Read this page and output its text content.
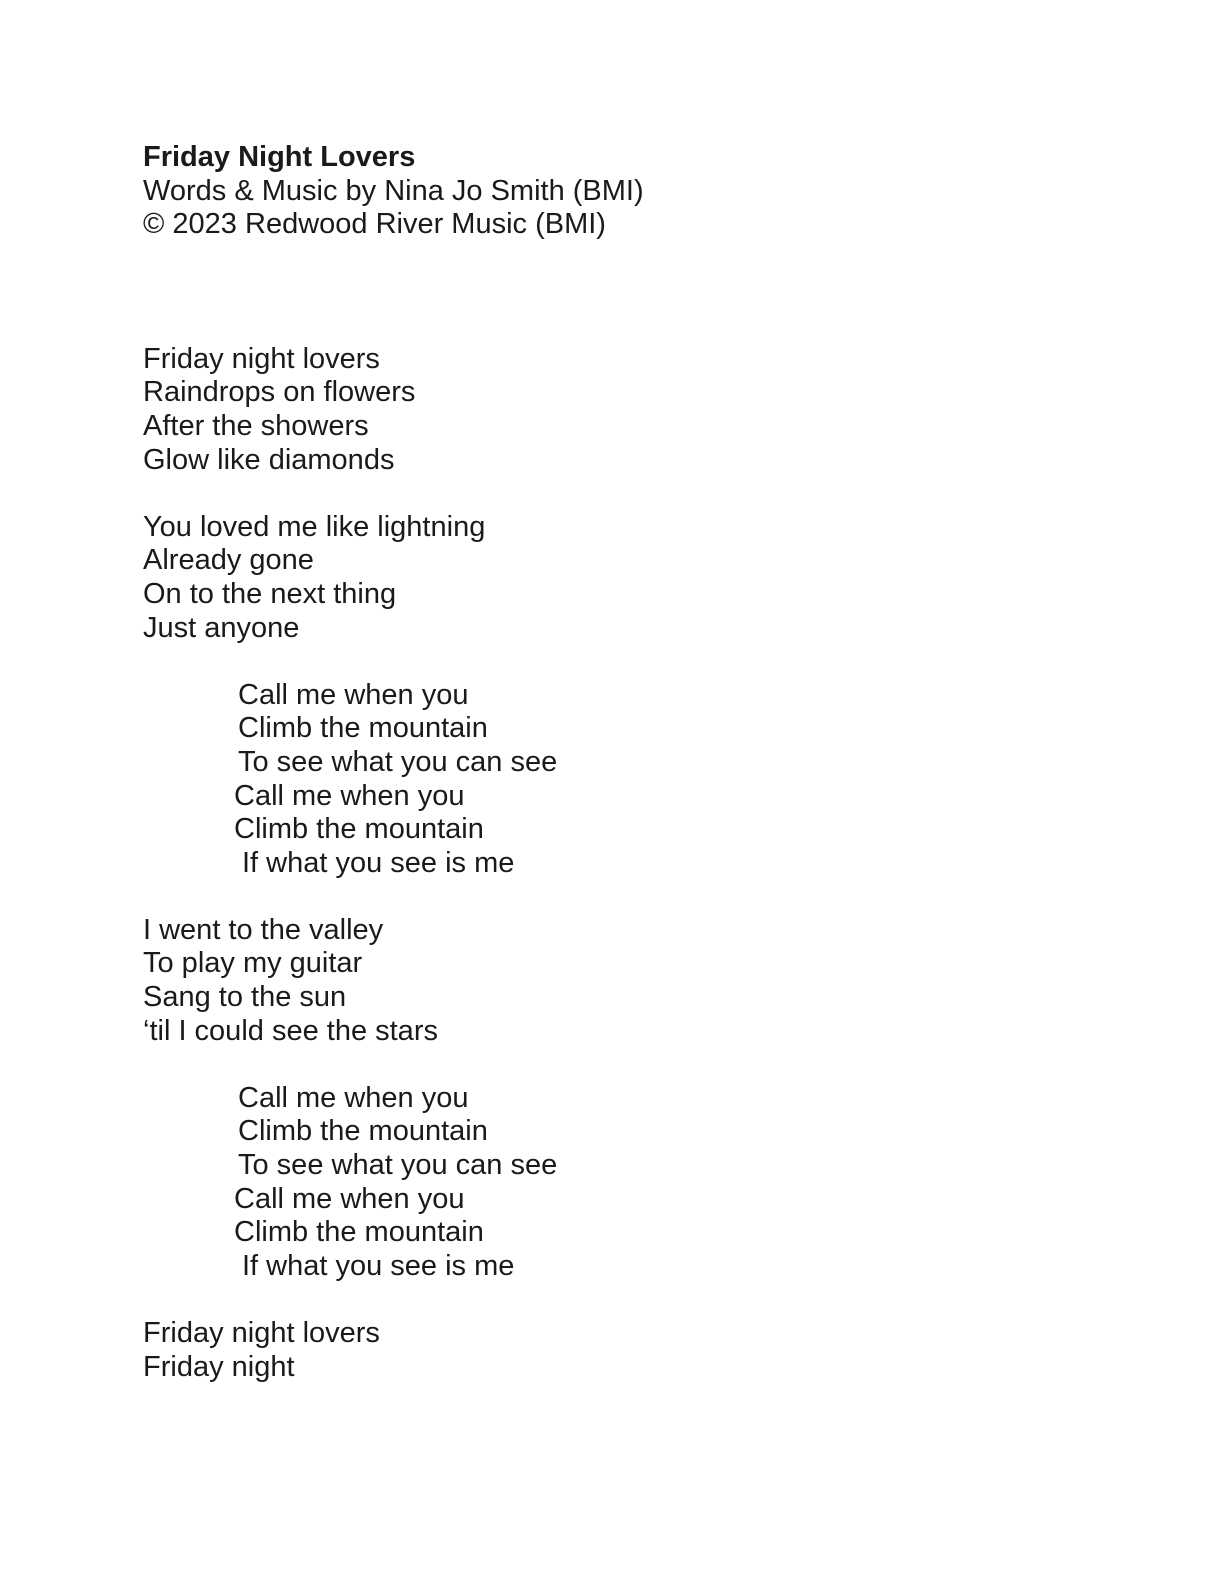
Friday Night Lovers
Words & Music by Nina Jo Smith (BMI)
© 2023 Redwood River Music (BMI)
Friday night lovers
Raindrops on flowers
After the showers
Glow like diamonds
You loved me like lightning
Already gone
On to the next thing
Just anyone
Call me when you
Climb the mountain
To see what you can see
Call me when you
Climb the mountain
If what you see is me
I went to the valley
To play my guitar
Sang to the sun
‘til I could see the stars
Call me when you
Climb the mountain
To see what you can see
Call me when you
Climb the mountain
If what you see is me
Friday night lovers
Friday night
